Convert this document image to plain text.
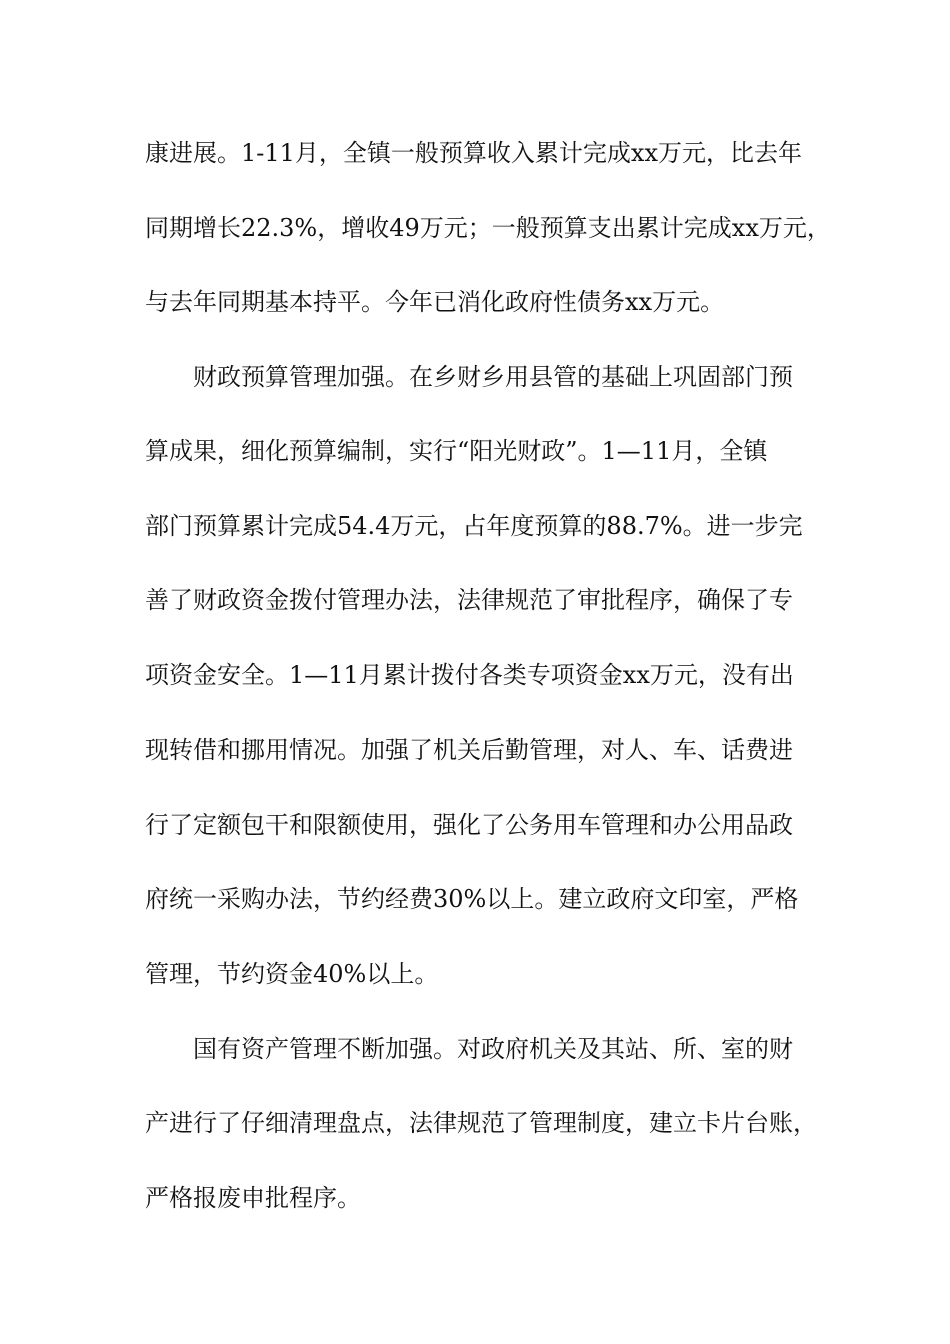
康进展。1-11月，全镇一般预算收入累计完成xx万元，比去年
同期增长22.3%，增收49万元；一般预算支出累计完成xx万元，
与去年同期基本持平。今年已消化政府性债务xx万元。
财政预算管理加强。在乡财乡用县管的基础上巩固部门预
算成果，细化预算编制，实行“阳光财政”。1—11月，全镇
部门预算累计完成54.4万元，占年度预算的88.7%。进一步完
善了财政资金拨付管理办法，法律规范了审批程序，确保了专
项资金安全。1—11月累计拨付各类专项资金xx万元，没有出
现转借和挪用情况。加强了机关后勤管理，对人、车、话费进
行了定额包干和限额使用，强化了公务用车管理和办公用品政
府统一采购办法，节约经费30%以上。建立政府文印室，严格
管理，节约资金40%以上。
国有资产管理不断加强。对政府机关及其站、所、室的财
产进行了仔细清理盘点，法律规范了管理制度，建立卡片台账，
严格报废申批程序。
